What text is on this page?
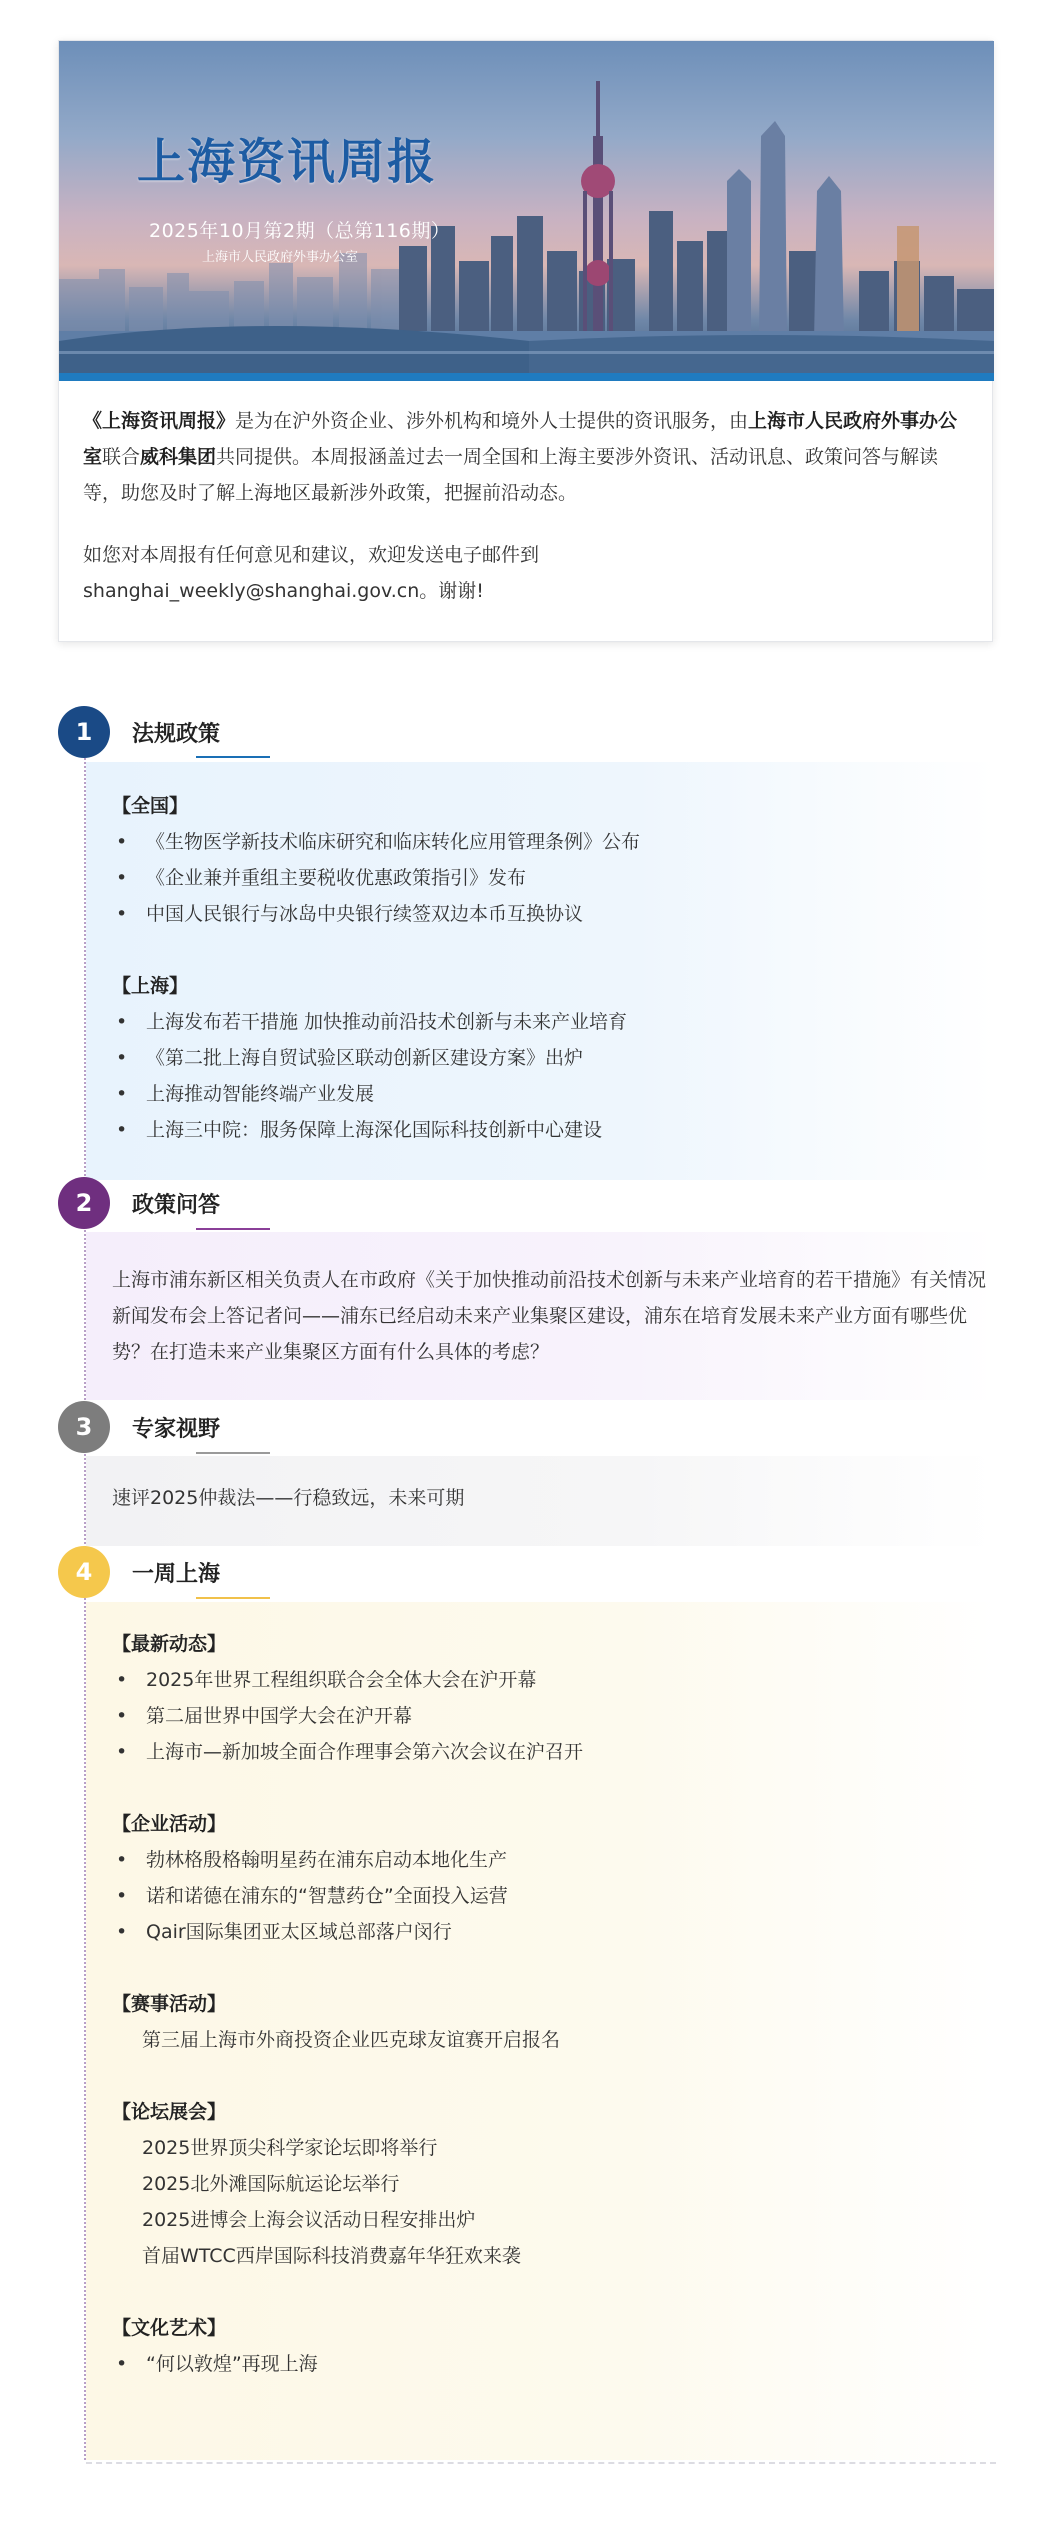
上海资讯周报
2025年10月第2期（总第116期）
上海市人民政府外事办公室

《上海资讯周报》是为在沪外资企业、涉外机构和境外人士提供的资讯服务，由上海市人民政府外事办公室联合威科集团共同提供。本周报涵盖过去一周全国和上海主要涉外资讯、活动讯息、政策问答与解读等，助您及时了解上海地区最新涉外政策，把握前沿动态。

如您对本周报有任何意见和建议，欢迎发送电子邮件到
shanghai_weekly@shanghai.gov.cn。谢谢!

【全国】
• 《生物医学新技术临床研究和临床转化应用管理条例》公布
• 《企业兼并重组主要税收优惠政策指引》发布
• 中国人民银行与冰岛中央银行续签双边本币互换协议
【上海】
• 上海发布若干措施 加快推动前沿技术创新与未来产业培育
• 《第二批上海自贸试验区联动创新区建设方案》出炉
• 上海推动智能终端产业发展
• 上海三中院：服务保障上海深化国际科技创新中心建设
1	法规政策
上海市浦东新区相关负责人在市政府《关于加快推动前沿技术创新与未来产业培育的若干措施》有关情况新闻发布会上答记者问——浦东已经启动未来产业集聚区建设，浦东在培育发展未来产业方面有哪些优势？在打造未来产业集聚区方面有什么具体的考虑？
2	政策问答
速评2025仲裁法——行稳致远，未来可期
3	专家视野
【最新动态】
• 2025年世界工程组织联合会全体大会在沪开幕
• 第二届世界中国学大会在沪开幕
• 上海市—新加坡全面合作理事会第六次会议在沪召开
【企业活动】
• 勃林格殷格翰明星药在浦东启动本地化生产
• 诺和诺德在浦东的“智慧药仓”全面投入运营
• Qair国际集团亚太区域总部落户闵行
【赛事活动】
第三届上海市外商投资企业匹克球友谊赛开启报名
【论坛展会】
2025世界顶尖科学家论坛即将举行
2025北外滩国际航运论坛举行
2025进博会上海会议活动日程安排出炉
首届WTCC西岸国际科技消费嘉年华狂欢来袭
【文化艺术】
• “何以敦煌”再现上海
4	一周上海
